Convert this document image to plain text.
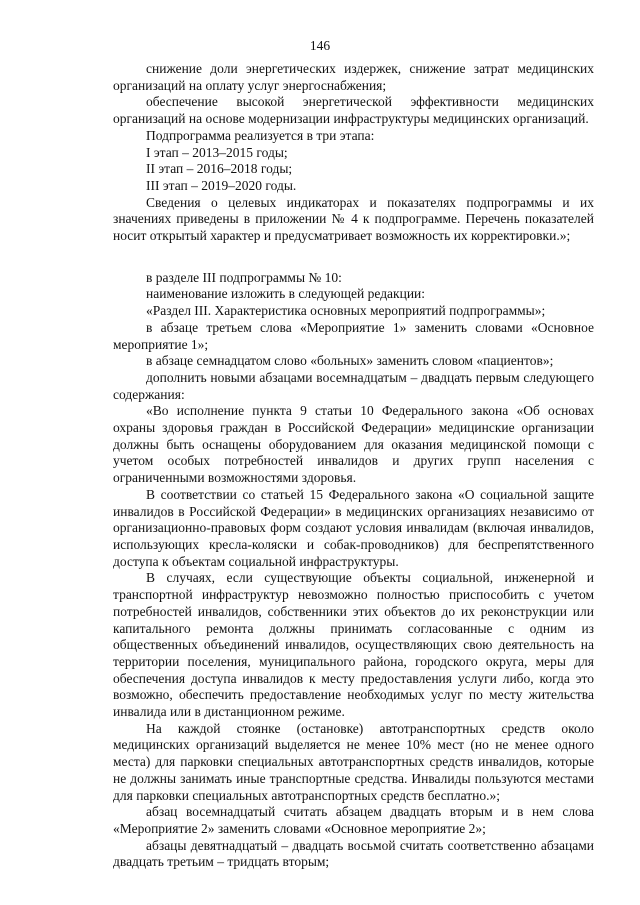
146

снижение доли энергетических издержек, снижение затрат медицинских организаций на оплату услуг энергоснабжения;

обеспечение высокой энергетической эффективности медицинских организаций на основе модернизации инфраструктуры медицинских организаций.

Подпрограмма реализуется в три этапа:

I этап – 2013–2015 годы;

II этап – 2016–2018 годы;

III этап – 2019–2020 годы.

Сведения о целевых индикаторах и показателях подпрограммы и их значениях приведены в приложении № 4 к подпрограмме. Перечень показателей носит открытый характер и предусматривает возможность их корректировки.»;

в разделе III подпрограммы № 10:

наименование изложить в следующей редакции:

«Раздел III. Характеристика основных мероприятий подпрограммы»;

в абзаце третьем слова «Мероприятие 1» заменить словами «Основное мероприятие 1»;

в абзаце семнадцатом слово «больных» заменить словом «пациентов»;

дополнить новыми абзацами восемнадцатым – двадцать первым следующего содержания:

«Во исполнение пункта 9 статьи 10 Федерального закона «Об основах охраны здоровья граждан в Российской Федерации» медицинские организации должны быть оснащены оборудованием для оказания медицинской помощи с учетом особых потребностей инвалидов и других групп населения с ограниченными возможностями здоровья.

В соответствии со статьей 15 Федерального закона «О социальной защите инвалидов в Российской Федерации» в медицинских организациях независимо от организационно-правовых форм создают условия инвалидам (включая инвалидов, использующих кресла-коляски и собак-проводников) для беспрепятственного доступа к объектам социальной инфраструктуры.

В случаях, если существующие объекты социальной, инженерной и транспортной инфраструктур невозможно полностью приспособить с учетом потребностей инвалидов, собственники этих объектов до их реконструкции или капитального ремонта должны принимать согласованные с одним из общественных объединений инвалидов, осуществляющих свою деятельность на территории поселения, муниципального района, городского округа, меры для обеспечения доступа инвалидов к месту предоставления услуги либо, когда это возможно, обеспечить предоставление необходимых услуг по месту жительства инвалида или в дистанционном режиме.

На каждой стоянке (остановке) автотранспортных средств около медицинских организаций выделяется не менее 10% мест (но не менее одного места) для парковки специальных автотранспортных средств инвалидов, которые не должны занимать иные транспортные средства. Инвалиды пользуются местами для парковки специальных автотранспортных средств бесплатно.»;

абзац восемнадцатый считать абзацем двадцать вторым и в нем слова «Мероприятие 2» заменить словами «Основное мероприятие 2»;

абзацы девятнадцатый – двадцать восьмой считать соответственно абзацами двадцать третьим – тридцать вторым;
